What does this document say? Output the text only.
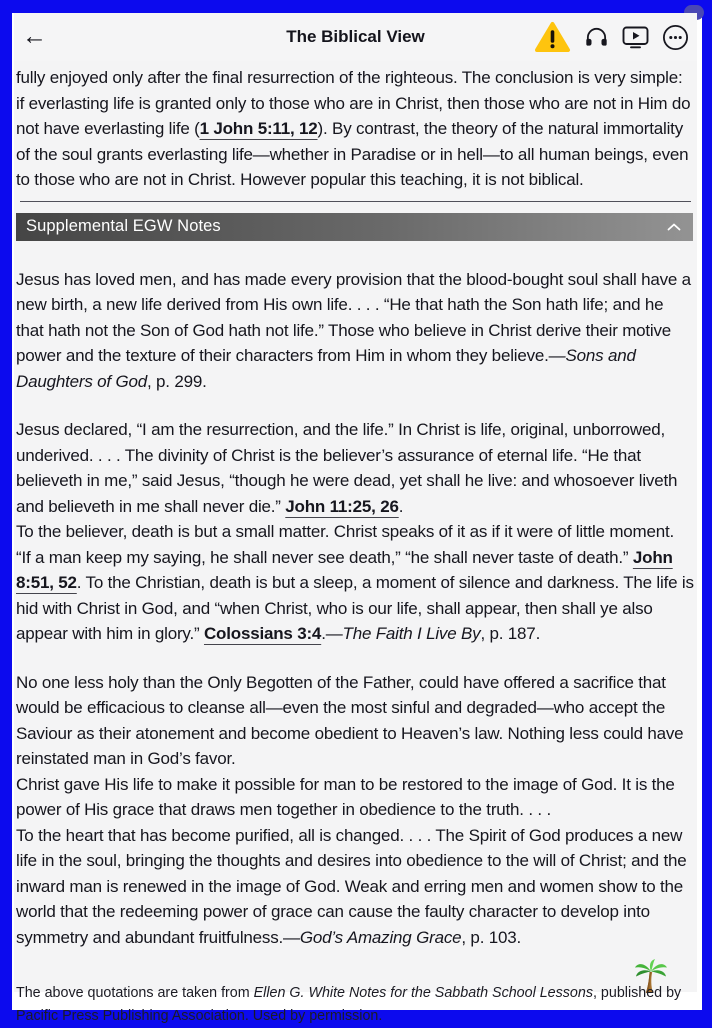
←	The Biblical View

fully enjoyed only after the final resurrection of the righteous. The conclusion is very simple: if everlasting life is granted only to those who are in Christ, then those who are not in Him do not have everlasting life (1 John 5:11, 12). By contrast, the theory of the natural immortality of the soul grants everlasting life—whether in Paradise or in hell—to all human beings, even to those who are not in Christ. However popular this teaching, it is not biblical.

Supplemental EGW Notes

Jesus has loved men, and has made every provision that the blood-bought soul shall have a new birth, a new life derived from His own life. . . . “He that hath the Son hath life; and he that hath not the Son of God hath not life.” Those who believe in Christ derive their motive power and the texture of their characters from Him in whom they believe.—Sons and Daughters of God, p. 299.

Jesus declared, “I am the resurrection, and the life.” In Christ is life, original, unborrowed, underived. . . . The divinity of Christ is the believer’s assurance of eternal life. “He that believeth in me,” said Jesus, “though he were dead, yet shall he live: and whosoever liveth and believeth in me shall never die.” John 11:25, 26.
To the believer, death is but a small matter. Christ speaks of it as if it were of little moment.
“If a man keep my saying, he shall never see death,” “he shall never taste of death.” John 8:51, 52. To the Christian, death is but a sleep, a moment of silence and darkness. The life is hid with Christ in God, and “when Christ, who is our life, shall appear, then shall ye also appear with him in glory.” Colossians 3:4.—The Faith I Live By, p. 187.

No one less holy than the Only Begotten of the Father, could have offered a sacrifice that would be efficacious to cleanse all—even the most sinful and degraded—who accept the Saviour as their atonement and become obedient to Heaven’s law. Nothing less could have reinstated man in God’s favor.
Christ gave His life to make it possible for man to be restored to the image of God. It is the power of His grace that draws men together in obedience to the truth. . . .
To the heart that has become purified, all is changed. . . . The Spirit of God produces a new life in the soul, bringing the thoughts and desires into obedience to the will of Christ; and the inward man is renewed in the image of God. Weak and erring men and women show to the world that the redeeming power of grace can cause the faulty character to develop into symmetry and abundant fruitfulness.—God’s Amazing Grace, p. 103.

The above quotations are taken from Ellen G. White Notes for the Sabbath School Lessons, published by Pacific Press Publishing Association. Used by permission.
